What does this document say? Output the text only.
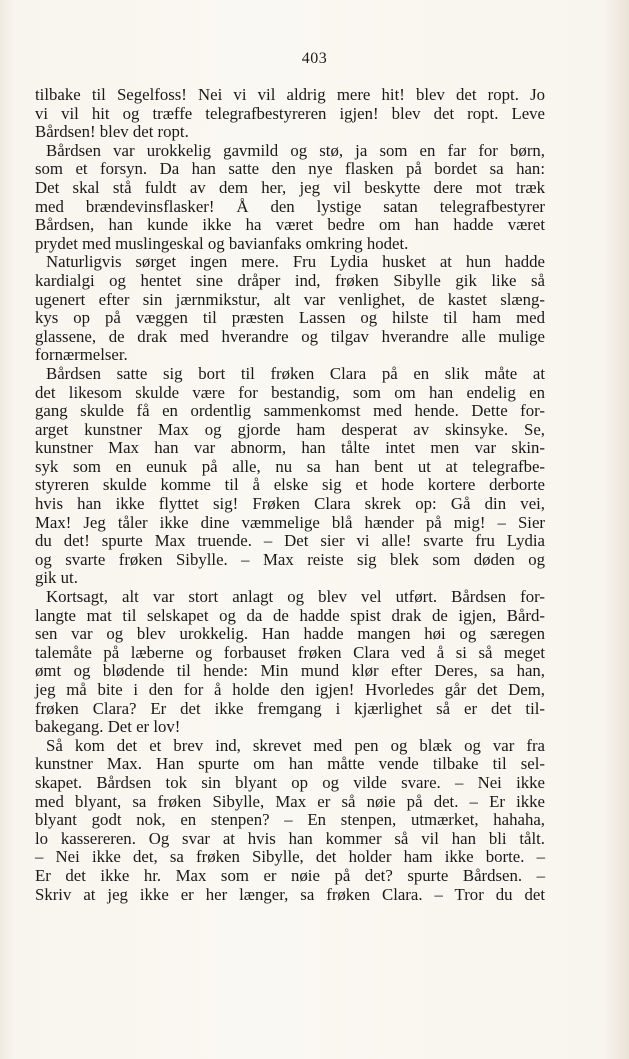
403
tilbake til Segelfoss! Nei vi vil aldrig mere hit! blev det ropt. Jo
vi vil hit og træffe telegrafbestyreren igjen! blev det ropt. Leve
Bårdsen! blev det ropt.
Bårdsen var urokkelig gavmild og stø, ja som en far for børn,
som et forsyn. Da han satte den nye flasken på bordet sa han:
Det skal stå fuldt av dem her, jeg vil beskytte dere mot træk
med brændevinsflasker! Å den lystige satan telegrafbestyrer
Bårdsen, han kunde ikke ha været bedre om han hadde været
prydet med muslingeskal og bavianfaks omkring hodet.
Naturligvis sørget ingen mere. Fru Lydia husket at hun hadde
kardialgi og hentet sine dråper ind, frøken Sibylle gik like så
ugenert efter sin jærnmikstur, alt var venlighet, de kastet slæng-
kys op på væggen til præsten Lassen og hilste til ham med
glassene, de drak med hverandre og tilgav hverandre alle mulige
fornærmelser.
Bårdsen satte sig bort til frøken Clara på en slik måte at
det likesom skulde være for bestandig, som om han endelig en
gang skulde få en ordentlig sammenkomst med hende. Dette for-
arget kunstner Max og gjorde ham desperat av skinsyke. Se,
kunstner Max han var abnorm, han tålte intet men var skin-
syk som en eunuk på alle, nu sa han bent ut at telegrafbe-
styreren skulde komme til å elske sig et hode kortere derborte
hvis han ikke flyttet sig! Frøken Clara skrek op: Gå din vei,
Max! Jeg tåler ikke dine væmmelige blå hænder på mig! – Sier
du det! spurte Max truende. – Det sier vi alle! svarte fru Lydia
og svarte frøken Sibylle. – Max reiste sig blek som døden og
gik ut.
Kortsagt, alt var stort anlagt og blev vel utført. Bårdsen for-
langte mat til selskapet og da de hadde spist drak de igjen, Bård-
sen var og blev urokkelig. Han hadde mangen høi og særegen
talemåte på læberne og forbauset frøken Clara ved å si så meget
ømt og blødende til hende: Min mund klør efter Deres, sa han,
jeg må bite i den for å holde den igjen! Hvorledes går det Dem,
frøken Clara? Er det ikke fremgang i kjærlighet så er det til-
bakegang. Det er lov!
Så kom det et brev ind, skrevet med pen og blæk og var fra
kunstner Max. Han spurte om han måtte vende tilbake til sel-
skapet. Bårdsen tok sin blyant op og vilde svare. – Nei ikke
med blyant, sa frøken Sibylle, Max er så nøie på det. – Er ikke
blyant godt nok, en stenpen? – En stenpen, utmærket, hahaha,
lo kassereren. Og svar at hvis han kommer så vil han bli tålt.
– Nei ikke det, sa frøken Sibylle, det holder ham ikke borte. –
Er det ikke hr. Max som er nøie på det? spurte Bårdsen. –
Skriv at jeg ikke er her længer, sa frøken Clara. – Tror du det
